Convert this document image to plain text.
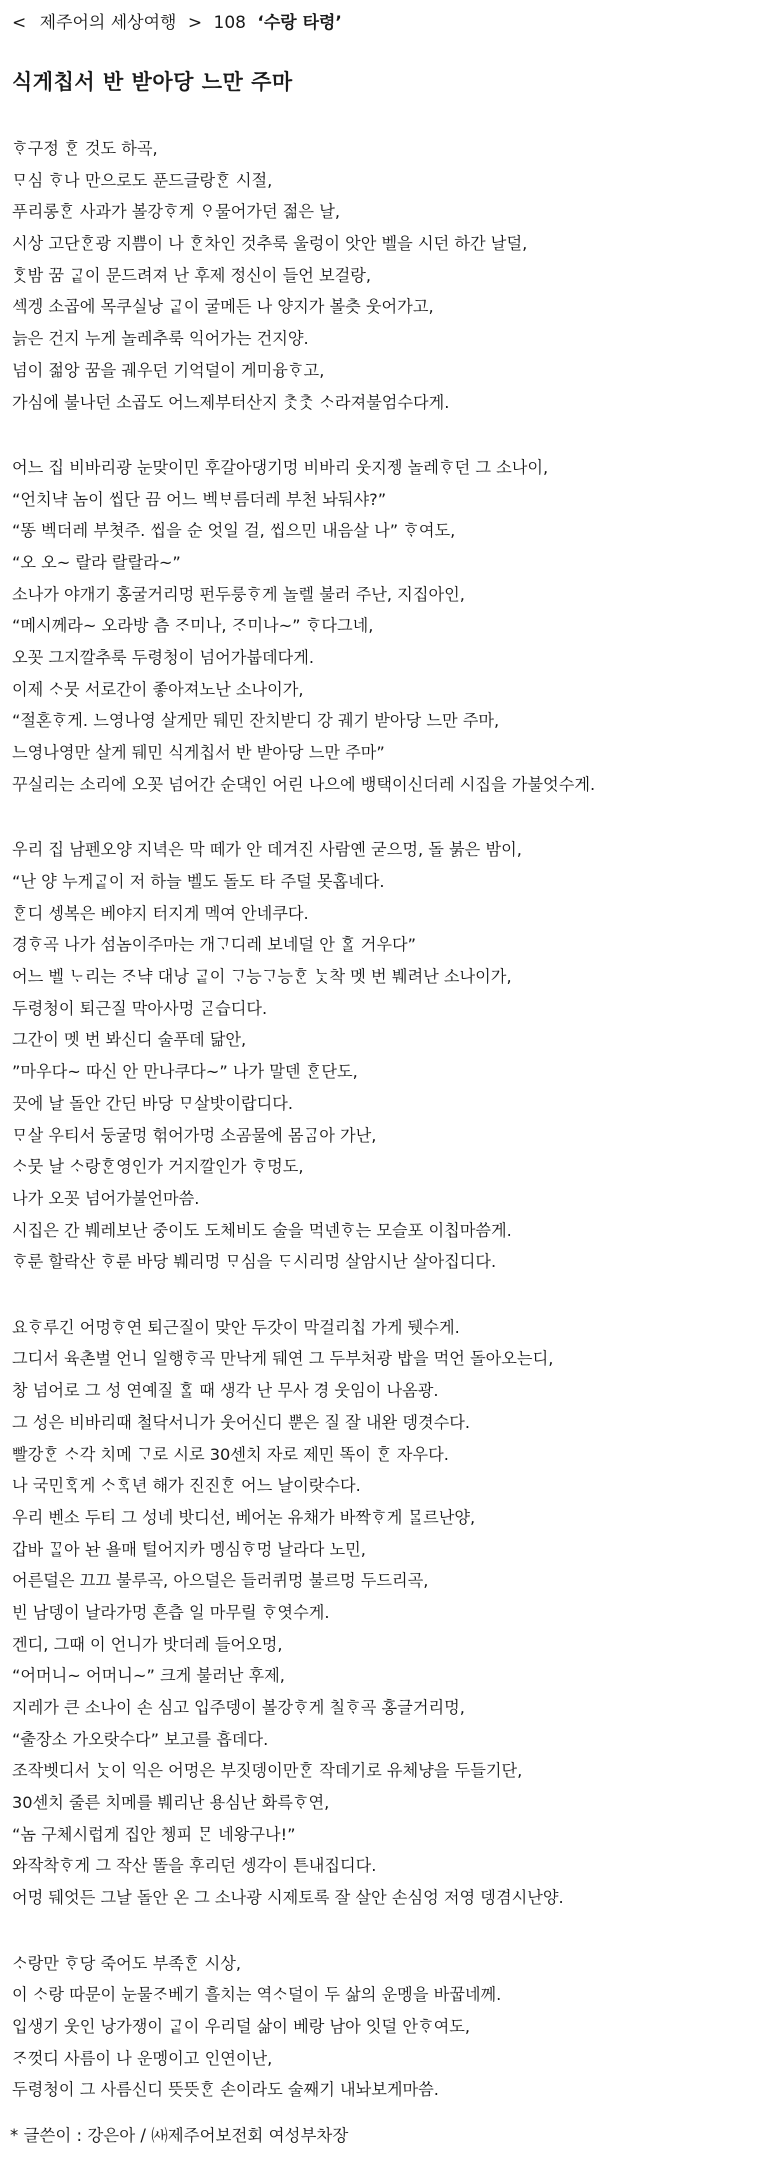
< 제주어의 세상여행 > 108 ‘수랑 타령’
식게칩서 반 받아당 느만 주마
ᄒᆞ구정 ᄒᆞᆫ 것도 하곡,
ᄆᆞ심 ᄒᆞ나 만으로도 푼드글랑ᄒᆞᆫ 시절,
푸리롱ᄒᆞᆫ 사과가 볼강ᄒᆞ게 ᄋᆞ물어가던 젊은 날,
시상 고단ᄒᆞᆫ광 지쁨이 나 ᄒᆞᆫ차인 것추룩 울렁이 앗안 벨을 시던 하간 날덜,
ᄒᆞᆺ밤 꿈 ᄀᆞᇀ이 문드려져 난 후제 정신이 들언 보걸랑,
섹겡 소곱에 목쿠실낭 ᄀᆞᇀ이 굴메든 나 양지가 볼츳 웃어가고,
늙은 건지 누게 놀레추룩 익어가는 건지양.
넘이 젊앙 꿈을 궤우던 기억덜이 게미융ᄒᆞ고,
가심에 불나던 소곱도 어느제부터산지 ᄎᆞᆺᄎᆞᆺ ᄉᆞ라져불엄수다게.
어느 집 비바리광 눈맞이민 후갈아댕기멍 비바리 웃지젱 놀레ᄒᆞ던 그 소나이,
“언치냑 놈이 씹단 끔 어느 벡ᄇᆞ름더레 부천 놔둬샤?”
“똥 벡더레 부쳣주. 씹을 순 엇일 걸, 씹으민 내음살 나” ᄒᆞ여도,
“오 오~ 랄라 랄랄라~”
소나가 야개기 홍굴거리멍 펀두룽ᄒᆞ게 놀렐 불러 주난, 지집아인,
“메시께라~ 오라방 츰 ᄌᆞ미나, ᄌᆞ미나~” ᄒᆞ다그네,
오꼿 그지깔추룩 두령청이 넘어가붑데다게.
이제 ᄉᆞ뭇 서로간이 좋아져노난 소나이가,
“절혼ᄒᆞ게. 느영나영 살게만 뒈민 잔치받디 강 궤기 받아당 느만 주마,
느영나영만 살게 뒈민 식게칩서 반 받아당 느만 주마”
꾸실리는 소리에 오꼿 넘어간 순댁인 어린 나으에 뱅택이신더레 시집을 가불엇수게.
우리 집 남펜오양 지녁은 막 떼가 안 데겨진 사람옌 굳으멍, 돌 붉은 밤이,
“난 양 누게ᄀᆞᇀ이 저 하늘 벨도 돌도 타 주덜 못홉네다.
ᄒᆞᆫ디 셍복은 베야지 터지게 멕여 안네쿠다.
경ᄒᆞ곡 나가 섬놈이주마는 개ᄀᆞ디레 보네덜 안 ᄒᆞᆯ 거우다”
어느 벨 ᄂᆞ리는 ᄌᆞ냑 대낭 ᄀᆞᇀ이 ᄀᆞ능ᄀᆞ능ᄒᆞᆫ ᄂᆞᆺ착 멧 번 붸려난 소나이가,
두령청이 퇴근질 막아사멍 ᄀᆞᆮ습디다.
그간이 멧 번 봐신디 술푸데 닮안,
”마우다~ 따신 안 만나쿠다~” 나가 말덴 ᄒᆞᆫ단도,
끗에 날 돌안 간딘 바당 ᄆᆞ살밧이랍디다.
ᄆᆞ살 우티서 둥굴멍 헊어가멍 소곰물에 몸ᄀᆞᆷ아 가난,
ᄉᆞ뭇 날 ᄉᆞ랑ᄒᆞᆫ영인가 거지깔인가 ᄒᆞ멍도,
나가 오꼿 넘어가불언마씀.
시집은 간 붸레보난 중이도 도체비도 술을 먹넨ᄒᆞ는 모슬포 이칩마씀게.
ᄒᆞ룬 할락산 ᄒᆞ룬 바당 붸리멍 ᄆᆞ심을 ᄃᆞ시리멍 살암시난 살아집디다.
요ᄒᆞ루긴 어멍ᄒᆞ연 퇴근질이 맞안 두갓이 막걸리칩 가게 뒛수게.
그디서 육촌벌 언니 일행ᄒᆞ곡 만낙게 뒈연 그 두부처광 밥을 먹언 돌아오는디,
창 넘어로 그 성 연예질 ᄒᆞᆯ 때 생각 난 무사 경 웃임이 나옴광.
그 성은 비바리때 철닥서니가 웃어신디 뿐은 질 잘 내완 뎅겻수다.
빨강ᄒᆞᆫ ᄉᆞ각 치메 ᄀᆞ로 시로 30센치 자로 제민 똑이 ᄒᆞᆫ 자우다.
나 국민ᄒᆞᆨ게 ᄉᆞᄒᆞᆨ년 해가 진진ᄒᆞᆫ 어느 날이랏수다.
우리 벤소 두티 그 성네 밧디선, 베어논 유채가 바짝ᄒᆞ게 ᄆᆞᆯ르난양,
갑바 ᄁᆞᆯ아 놘 욜매 털어지카 멩심ᄒᆞ멍 날라다 노민,
어른덜은 끄끄 불루곡, 아으덜은 들러퀴멍 불르멍 두드리곡,
빈 남뎅이 날라가멍 흔츱 일 마무릴 ᄒᆞ엿수게.
겐디, 그때 이 언니가 밧더레 들어오멍,
“어머니~ 어머니~” 크게 불러난 후제,
지레가 큰 소나이 손 심고 입주뎅이 볼강ᄒᆞ게 칠ᄒᆞ곡 홍글거리멍,
“출장소 가오랏수다” 보고를 흡데다.
조작벳디서 ᄂᆞᆺ이 익은 어멍은 부짓뎅이만ᄒᆞᆫ 작데기로 유체냥을 두들기단,
30센치 줄른 치메를 붸리난 용심난 화륵ᄒᆞ연,
“놈 구체시럽게 집안 쳉피 ᄆᆞᆫ 네왕구나!”
와작착ᄒᆞ게 그 작산 똘을 후리던 셍각이 튼내집디다.
어멍 뒈엇든 그날 돌안 온 그 소나광 시제토록 잘 살안 손심엉 저영 뎅겸시난양.
ᄉᆞ랑만 ᄒᆞ당 죽어도 부족ᄒᆞᆫ 시상,
이 ᄉᆞ랑 따문이 눈물ᄌᆞ베기 흘치는 역ᄉᆞ덜이 두 삶의 운멩을 바꿉네께.
입생기 웃인 낭가쟁이 ᄀᆞᇀ이 우리덜 삶이 베랑 남아 잇덜 안ᄒᆞ여도,
ᄌᆞ껏디 사름이 나 운멩이고 인연이난,
두령청이 그 사름신디 뜻뜻ᄒᆞᆫ 손이라도 술째기 내놔보게마씀.
* 글쓴이 : 강은아 / ㈔제주어보전회 여성부차장
